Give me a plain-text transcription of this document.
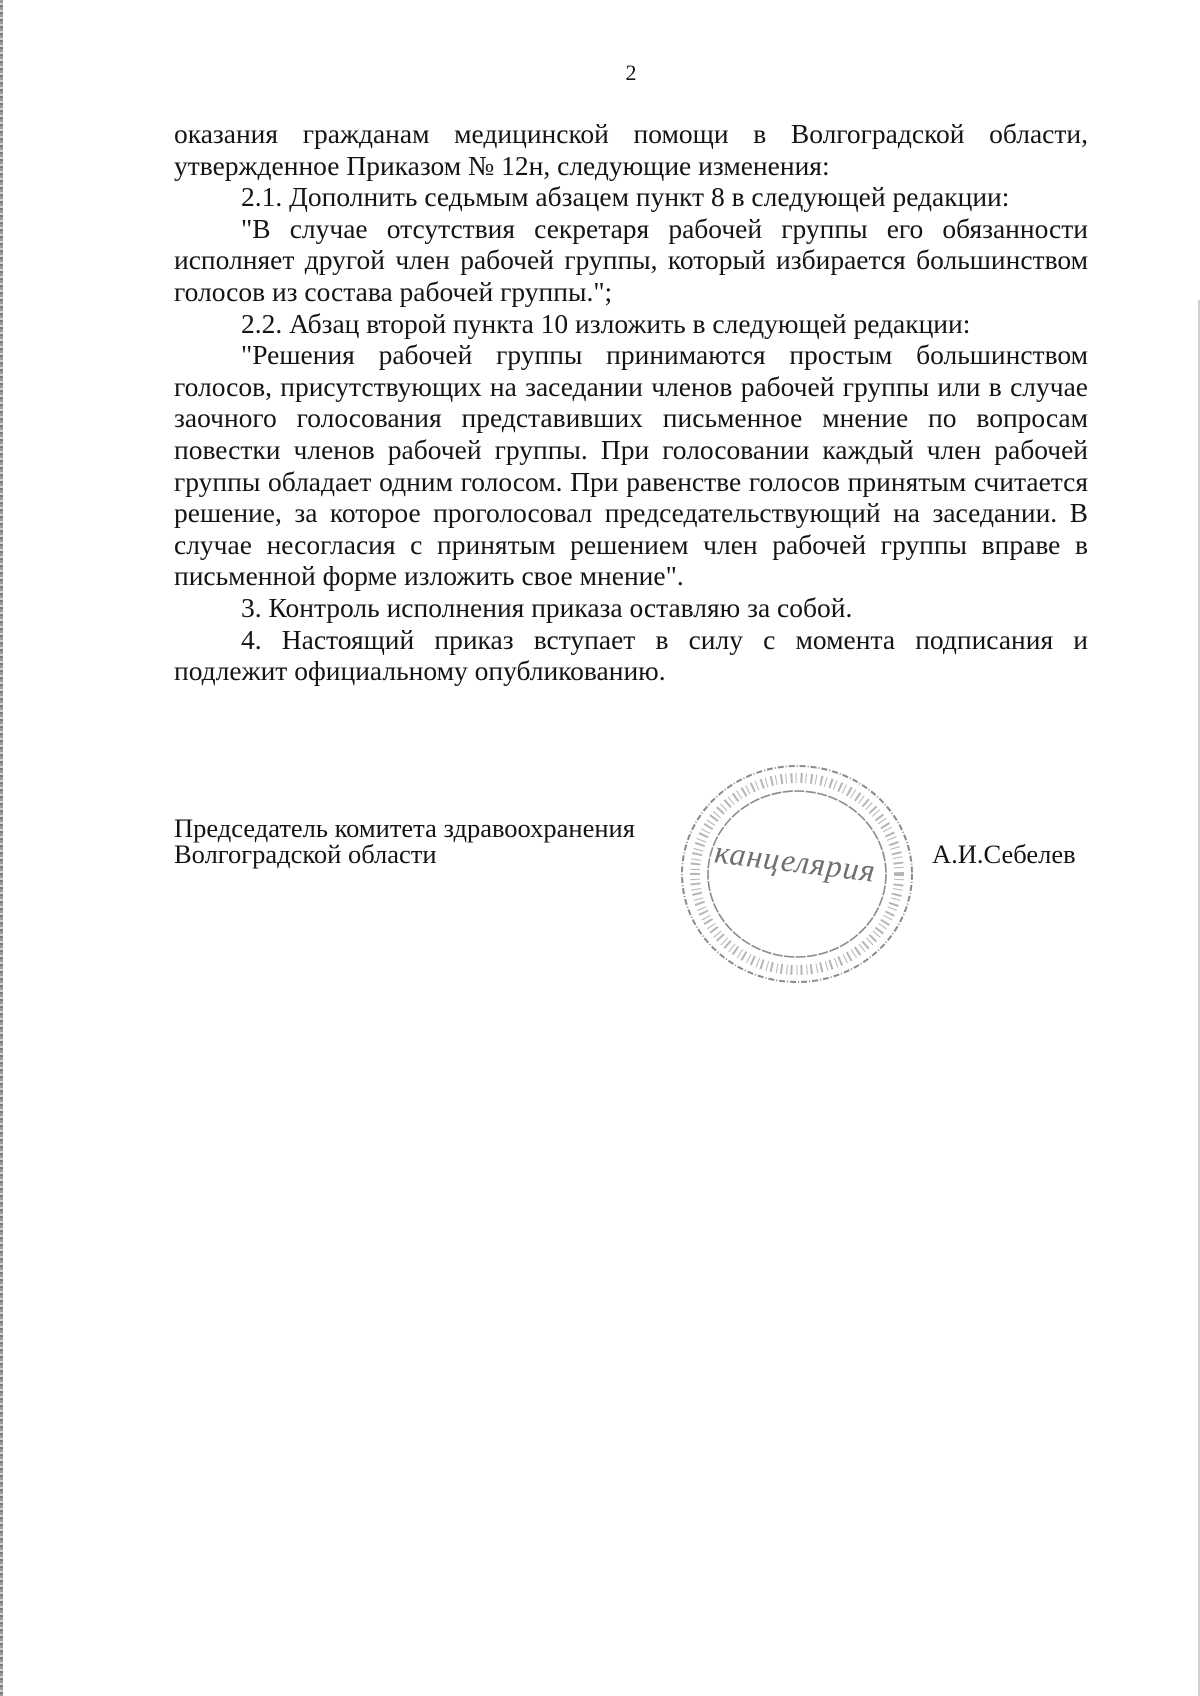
2

оказания гражданам медицинской помощи в Волгоградской области, утвержденное Приказом № 12н, следующие изменения:

2.1. Дополнить седьмым абзацем пункт 8 в следующей редакции:

"В случае отсутствия секретаря рабочей группы его обязанности исполняет другой член рабочей группы, который избирается большинством голосов из состава рабочей группы.";

2.2. Абзац второй пункта 10 изложить в следующей редакции:

"Решения рабочей группы принимаются простым большинством голосов, присутствующих на заседании членов рабочей группы или в случае заочного голосования представивших письменное мнение по вопросам повестки членов рабочей группы. При голосовании каждый член рабочей группы обладает одним голосом. При равенстве голосов принятым считается решение, за которое проголосовал председательствующий на заседании. В случае несогласия с принятым решением член рабочей группы вправе в письменной форме изложить свое мнение".

3. Контроль исполнения приказа оставляю за собой.

4. Настоящий приказ вступает в силу с момента подписания и подлежит официальному опубликованию.

Председатель комитета здравоохранения
Волгоградской области	А.И.Себелев
канцелярия
